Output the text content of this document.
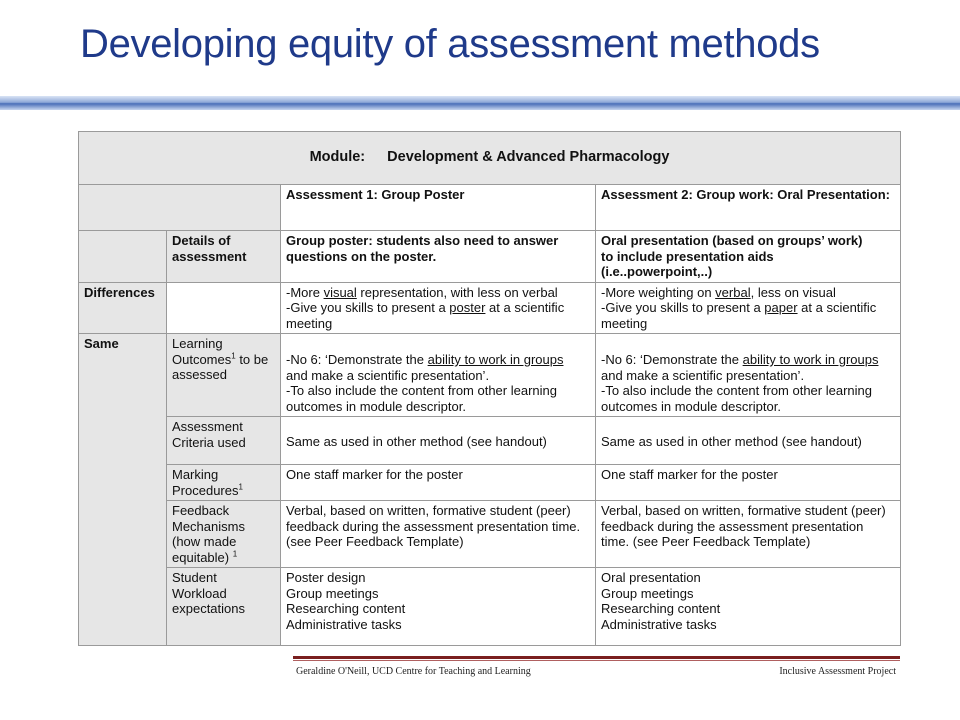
Developing equity of assessment methods
Module: Development & Advanced Pharmacology			
		Assessment 1: Group Poster	Assessment 2: Group work: Oral Presentation:
	Details of assessment	Group poster: students also need to answer questions on the poster.	Oral presentation (based on groups’ work)
to include presentation aids
(i.e..powerpoint,..)

Differences		-More visual representation, with less on verbal
-Give you skills to present a poster at a scientific
meeting	-More weighting on verbal, less on visual
-Give you skills to present a paper at a scientific
meeting

Same	Learning Outcomes$^1$ to be assessed	-No 6: ‘Demonstrate the ability to work in groups
and make a scientific presentation’.
-To also include the content from other learning
outcomes in module descriptor.	-No 6: ‘Demonstrate the ability to work in groups
and make a scientific presentation’.
-To also include the content from other learning
outcomes in module descriptor.

	Assessment Criteria used	Same as used in other method (see handout)	Same as used in other method (see handout)
	Marking Procedures$^1$	One staff marker for the poster	One staff marker for the poster
	Feedback Mechanisms (how made equitable) $^1$	Verbal, based on written, formative student (peer) feedback during the assessment presentation time. (see Peer Feedback Template)	Verbal, based on written, formative student (peer) feedback during the assessment presentation time. (see Peer Feedback Template)
	Student Workload expectations	Poster design
Group meetings
Researching content
Administrative tasks	Oral presentation
Group meetings
Researching content
Administrative tasks
Geraldine O'Neill, UCD Centre for Teaching and Learning	Inclusive Assessment Project
